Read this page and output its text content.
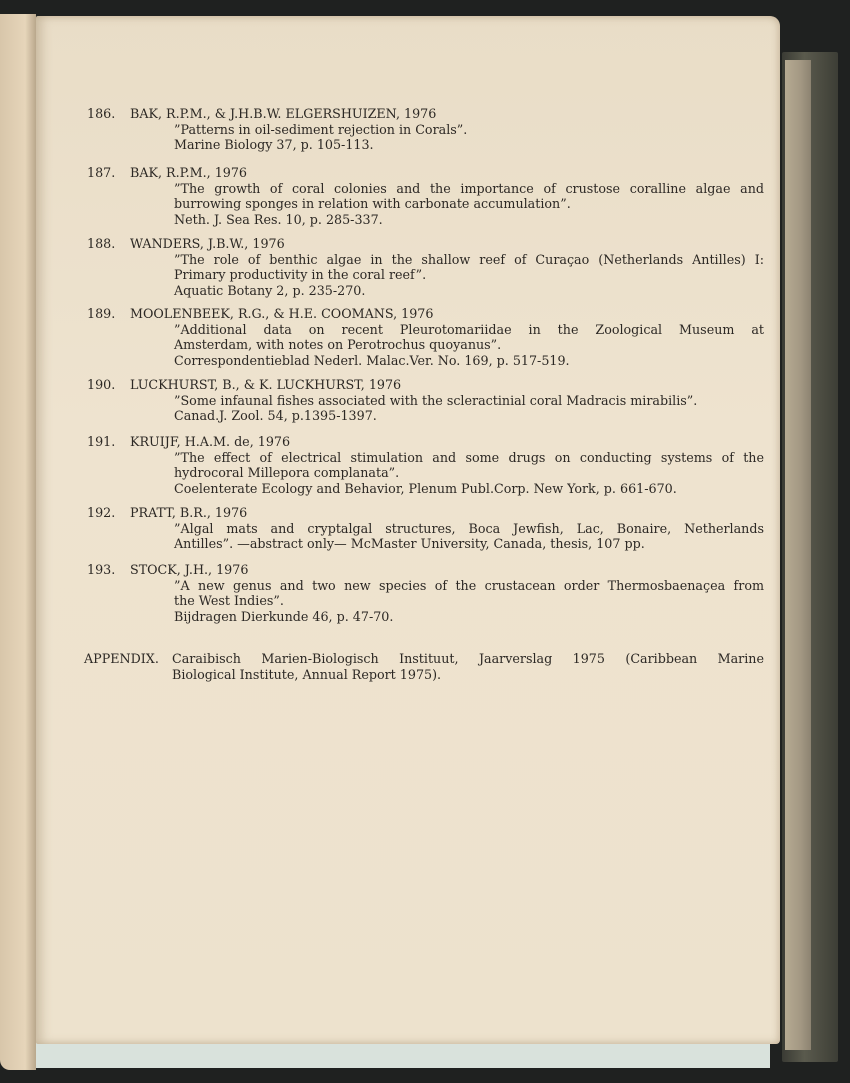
186. BAK, R.P.M., & J.H.B.W. ELGERSHUIZEN, 1976
”Patterns in oil-sediment rejection in Corals”.
Marine Biology 37, p. 105-113.
187. BAK, R.P.M., 1976
”The growth of coral colonies and the importance of crustose coralline algae and
burrowing sponges in relation with carbonate accumulation”.
Neth. J. Sea Res. 10, p. 285-337.
188. WANDERS, J.B.W., 1976
”The role of benthic algae in the shallow reef of Curaçao (Netherlands Antilles) I:
Primary productivity in the coral reef”.
Aquatic Botany 2, p. 235-270.
189. MOOLENBEEK, R.G., & H.E. COOMANS, 1976
”Additional data on recent Pleurotomariidae in the Zoological Museum at
Amsterdam, with notes on Perotrochus quoyanus”.
Correspondentieblad Nederl. Malac.Ver. No. 169, p. 517-519.
190. LUCKHURST, B., & K. LUCKHURST, 1976
”Some infaunal fishes associated with the scleractinial coral Madracis mirabilis”.
Canad.J. Zool. 54, p.1395-1397.
191. KRUIJF, H.A.M. de, 1976
”The effect of electrical stimulation and some drugs on conducting systems of the
hydrocoral Millepora complanata”.
Coelenterate Ecology and Behavior, Plenum Publ.Corp. New York, p. 661-670.
192. PRATT, B.R., 1976
”Algal mats and cryptalgal structures, Boca Jewfish, Lac, Bonaire, Netherlands
Antilles”. —abstract only— McMaster University, Canada, thesis, 107 pp.
193. STOCK, J.H., 1976
”A new genus and two new species of the crustacean order Thermosbaenaçea from
the West Indies”.
Bijdragen Dierkunde 46, p. 47-70.
APPENDIX. Caraibisch Marien-Biologisch Instituut, Jaarverslag 1975 (Caribbean Marine
Biological Institute, Annual Report 1975).
